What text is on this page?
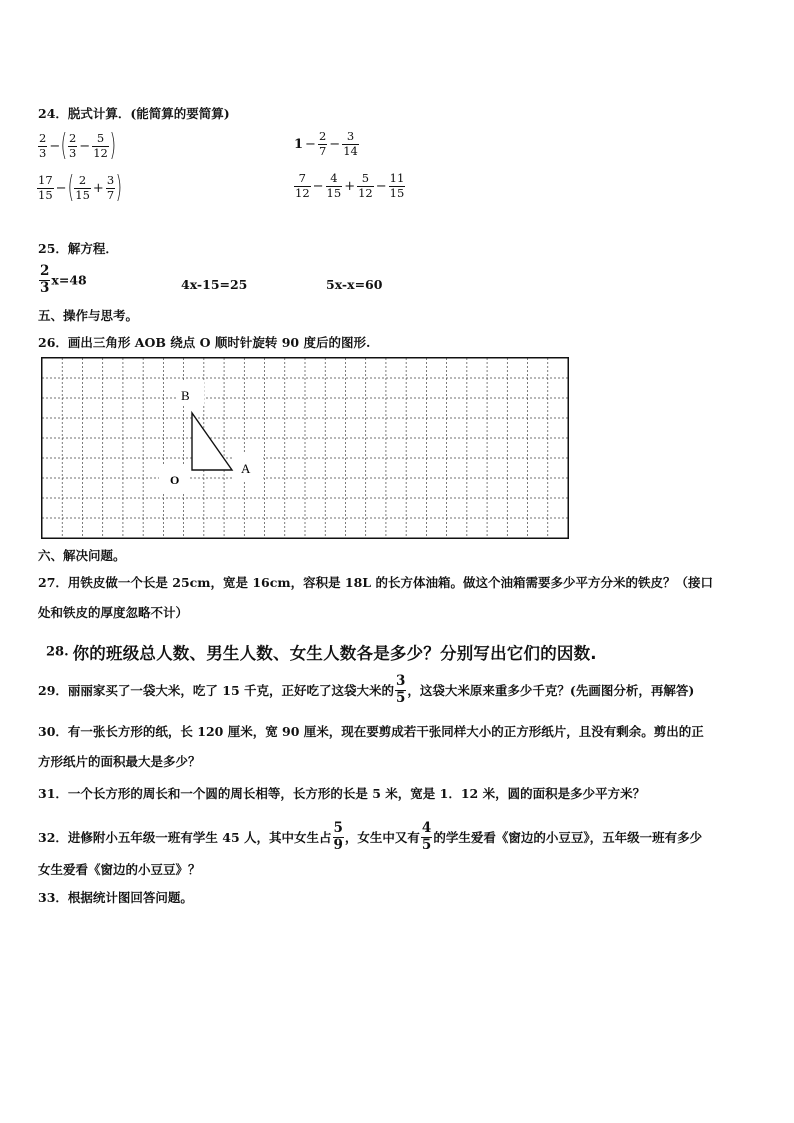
24．脱式计算．(能简算的要简算)
$\frac{2}{3}$ −( $\frac{2}{3} - \frac{5}{12}$ )	$1 - \frac{2}{7} - \frac{3}{14}$
$\frac{17}{15}$ −( $\frac{2}{15} + \frac{3}{7}$ )	$\frac{7}{12} - \frac{4}{15} + \frac{5}{12} - \frac{11}{15}$
25．解方程．
$\frac{2}{3} x=48$	4x-15=25	5x-x=60
五、操作与思考。
26．画出三角形 AOB 绕点 O 顺时针旋转 90 度后的图形.
B
A
O
六、解决问题。
27．用铁皮做一个长是 25cm，宽是 16cm，容积是 18L 的长方体油箱。做这个油箱需要多少平方分米的铁皮？（接口
处和铁皮的厚度忽略不计）
28. 你的班级总人数、男生人数、女生人数各是多少？分别写出它们的因数.
29．丽丽家买了一袋大米，吃了 15 千克，正好吃了这袋大米的 $\frac{3}{5}$ ，这袋大米原来重多少千克？(先画图分析，再解答)
30．有一张长方形的纸，长 120 厘米，宽 90 厘米，现在要剪成若干张同样大小的正方形纸片，且没有剩余。剪出的正
方形纸片的面积最大是多少？
31．一个长方形的周长和一个圆的周长相等，长方形的长是 5 米，宽是 1．12 米，圆的面积是多少平方米？
32．进修附小五年级一班有学生 45 人，其中女生占 $\frac{5}{9}$ ，女生中又有 $\frac{4}{5}$ 的学生爱看《窗边的小豆豆》，五年级一班有多少
女生爱看《窗边的小豆豆》？
33．根据统计图回答问题。
